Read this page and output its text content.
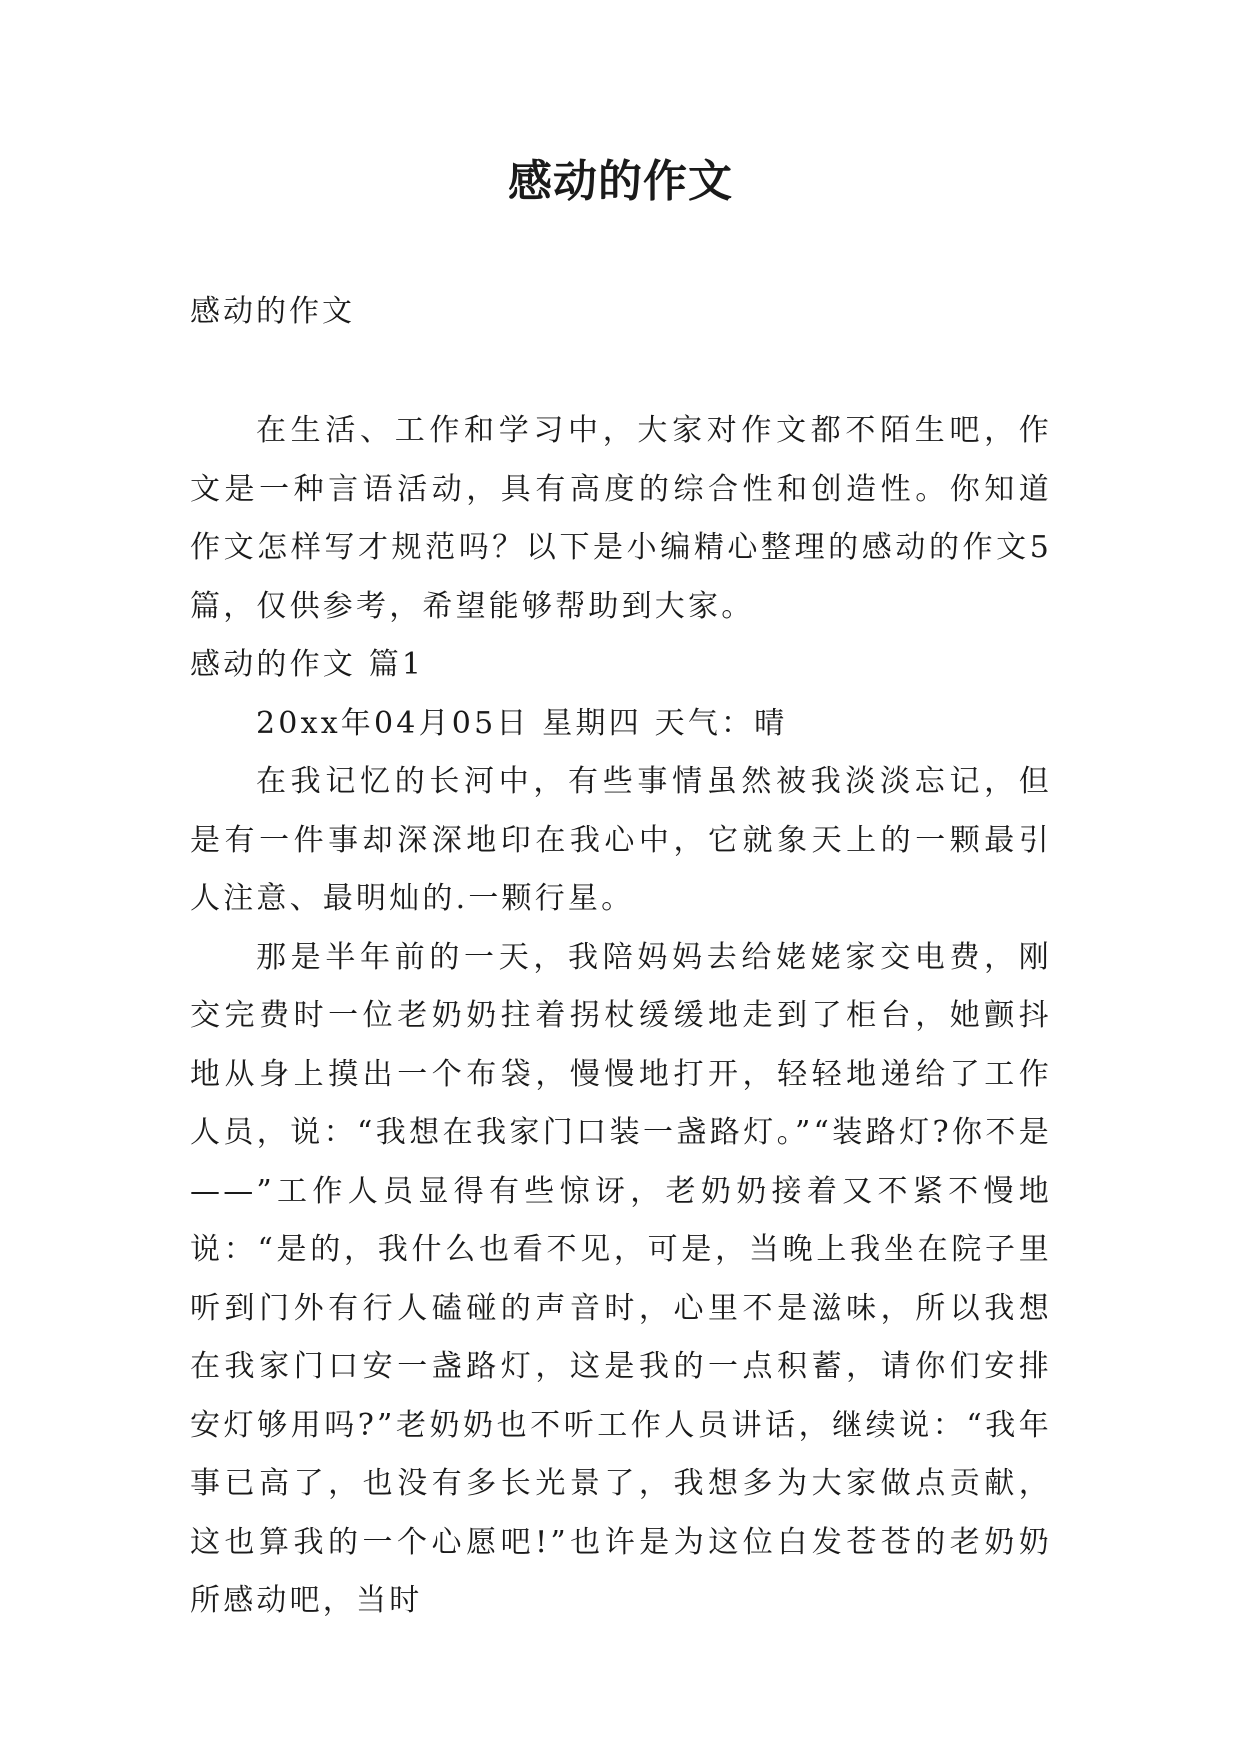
感动的作文
感动的作文

在生活、工作和学习中，大家对作文都不陌生吧，作文是一种言语活动，具有高度的综合性和创造性。你知道作文怎样写才规范吗？以下是小编精心整理的感动的作文5篇，仅供参考，希望能够帮助到大家。

感动的作文 篇1

20xx年04月05日 星期四 天气：晴

在我记忆的长河中，有些事情虽然被我淡淡忘记，但是有一件事却深深地印在我心中，它就象天上的一颗最引人注意、最明灿的.一颗行星。

那是半年前的一天，我陪妈妈去给姥姥家交电费，刚交完费时一位老奶奶拄着拐杖缓缓地走到了柜台，她颤抖地从身上摸出一个布袋，慢慢地打开，轻轻地递给了工作人员，说：“我想在我家门口装一盏路灯。”“装路灯?你不是——”工作人员显得有些惊讶，老奶奶接着又不紧不慢地说：“是的，我什么也看不见，可是，当晚上我坐在院子里听到门外有行人磕碰的声音时，心里不是滋味，所以我想在我家门口安一盏路灯，这是我的一点积蓄，请你们安排安灯够用吗?”老奶奶也不听工作人员讲话，继续说：“我年事已高了，也没有多长光景了，我想多为大家做点贡献，这也算我的一个心愿吧!”也许是为这位白发苍苍的老奶奶所感动吧，当时
